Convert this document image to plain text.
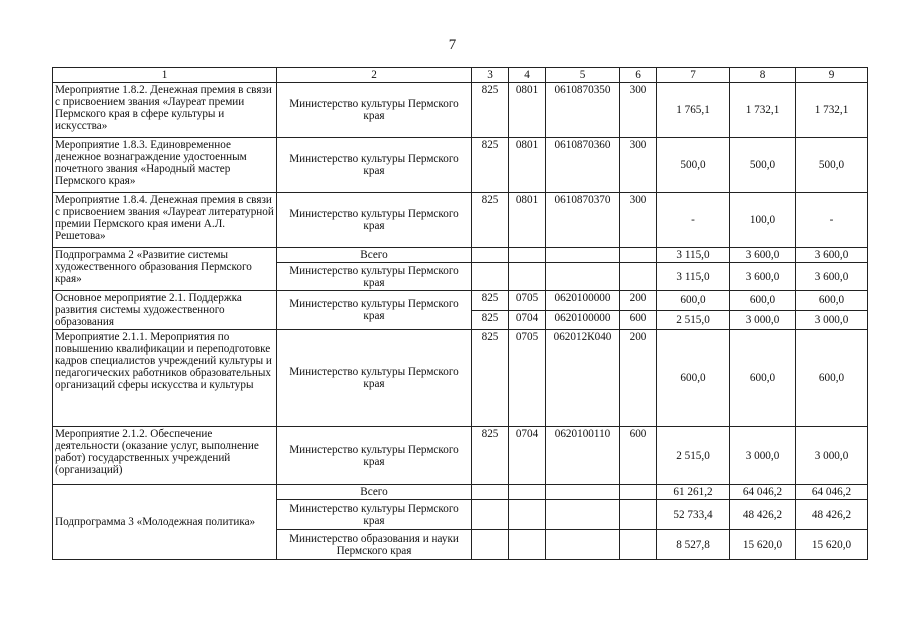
7
1	2	3	4	5	6	7	8	9
Мероприятие 1.8.2. Денежная премия в связи с присвоением звания «Лауреат премии Пермского края в сфере культуры и искусства»	Министерство культуры Пермского края	825	0801	0610870350	300	1 765,1	1 732,1	1 732,1
Мероприятие 1.8.3. Единовременное денежное вознаграждение удостоенным почетного звания «Народный мастер Пермского края»	Министерство культуры Пермского края	825	0801	0610870360	300	500,0	500,0	500,0
Мероприятие 1.8.4. Денежная премия в связи с присвоением звания «Лауреат литературной премии Пермского края имени А.Л. Решетова»	Министерство культуры Пермского края	825	0801	0610870370	300	-	100,0	-
Подпрограмма 2 «Развитие системы художественного образования Пермского края»	Всего					3 115,0	3 600,0	3 600,0
	Министерство культуры Пермского края					3 115,0	3 600,0	3 600,0
Основное мероприятие 2.1. Поддержка развития системы художественного образования	Министерство культуры Пермского края	825	0705	0620100000	200	600,0	600,0	600,0
		825	0704	0620100000	600	2 515,0	3 000,0	3 000,0
Мероприятие 2.1.1. Мероприятия по повышению квалификации и переподготовке кадров специалистов учреждений культуры и педагогических работников образовательных организаций сферы искусства и культуры	Министерство культуры Пермского края	825	0705	062012К040	200	600,0	600,0	600,0
Мероприятие 2.1.2. Обеспечение деятельности (оказание услуг, выполнение работ) государственных учреждений (организаций)	Министерство культуры Пермского края	825	0704	0620100110	600	2 515,0	3 000,0	3 000,0
Подпрограмма 3 «Молодежная политика»	Всего					61 261,2	64 046,2	64 046,2
	Министерство культуры Пермского края					52 733,4	48 426,2	48 426,2
	Министерство образования и науки Пермского края					8 527,8	15 620,0	15 620,0
